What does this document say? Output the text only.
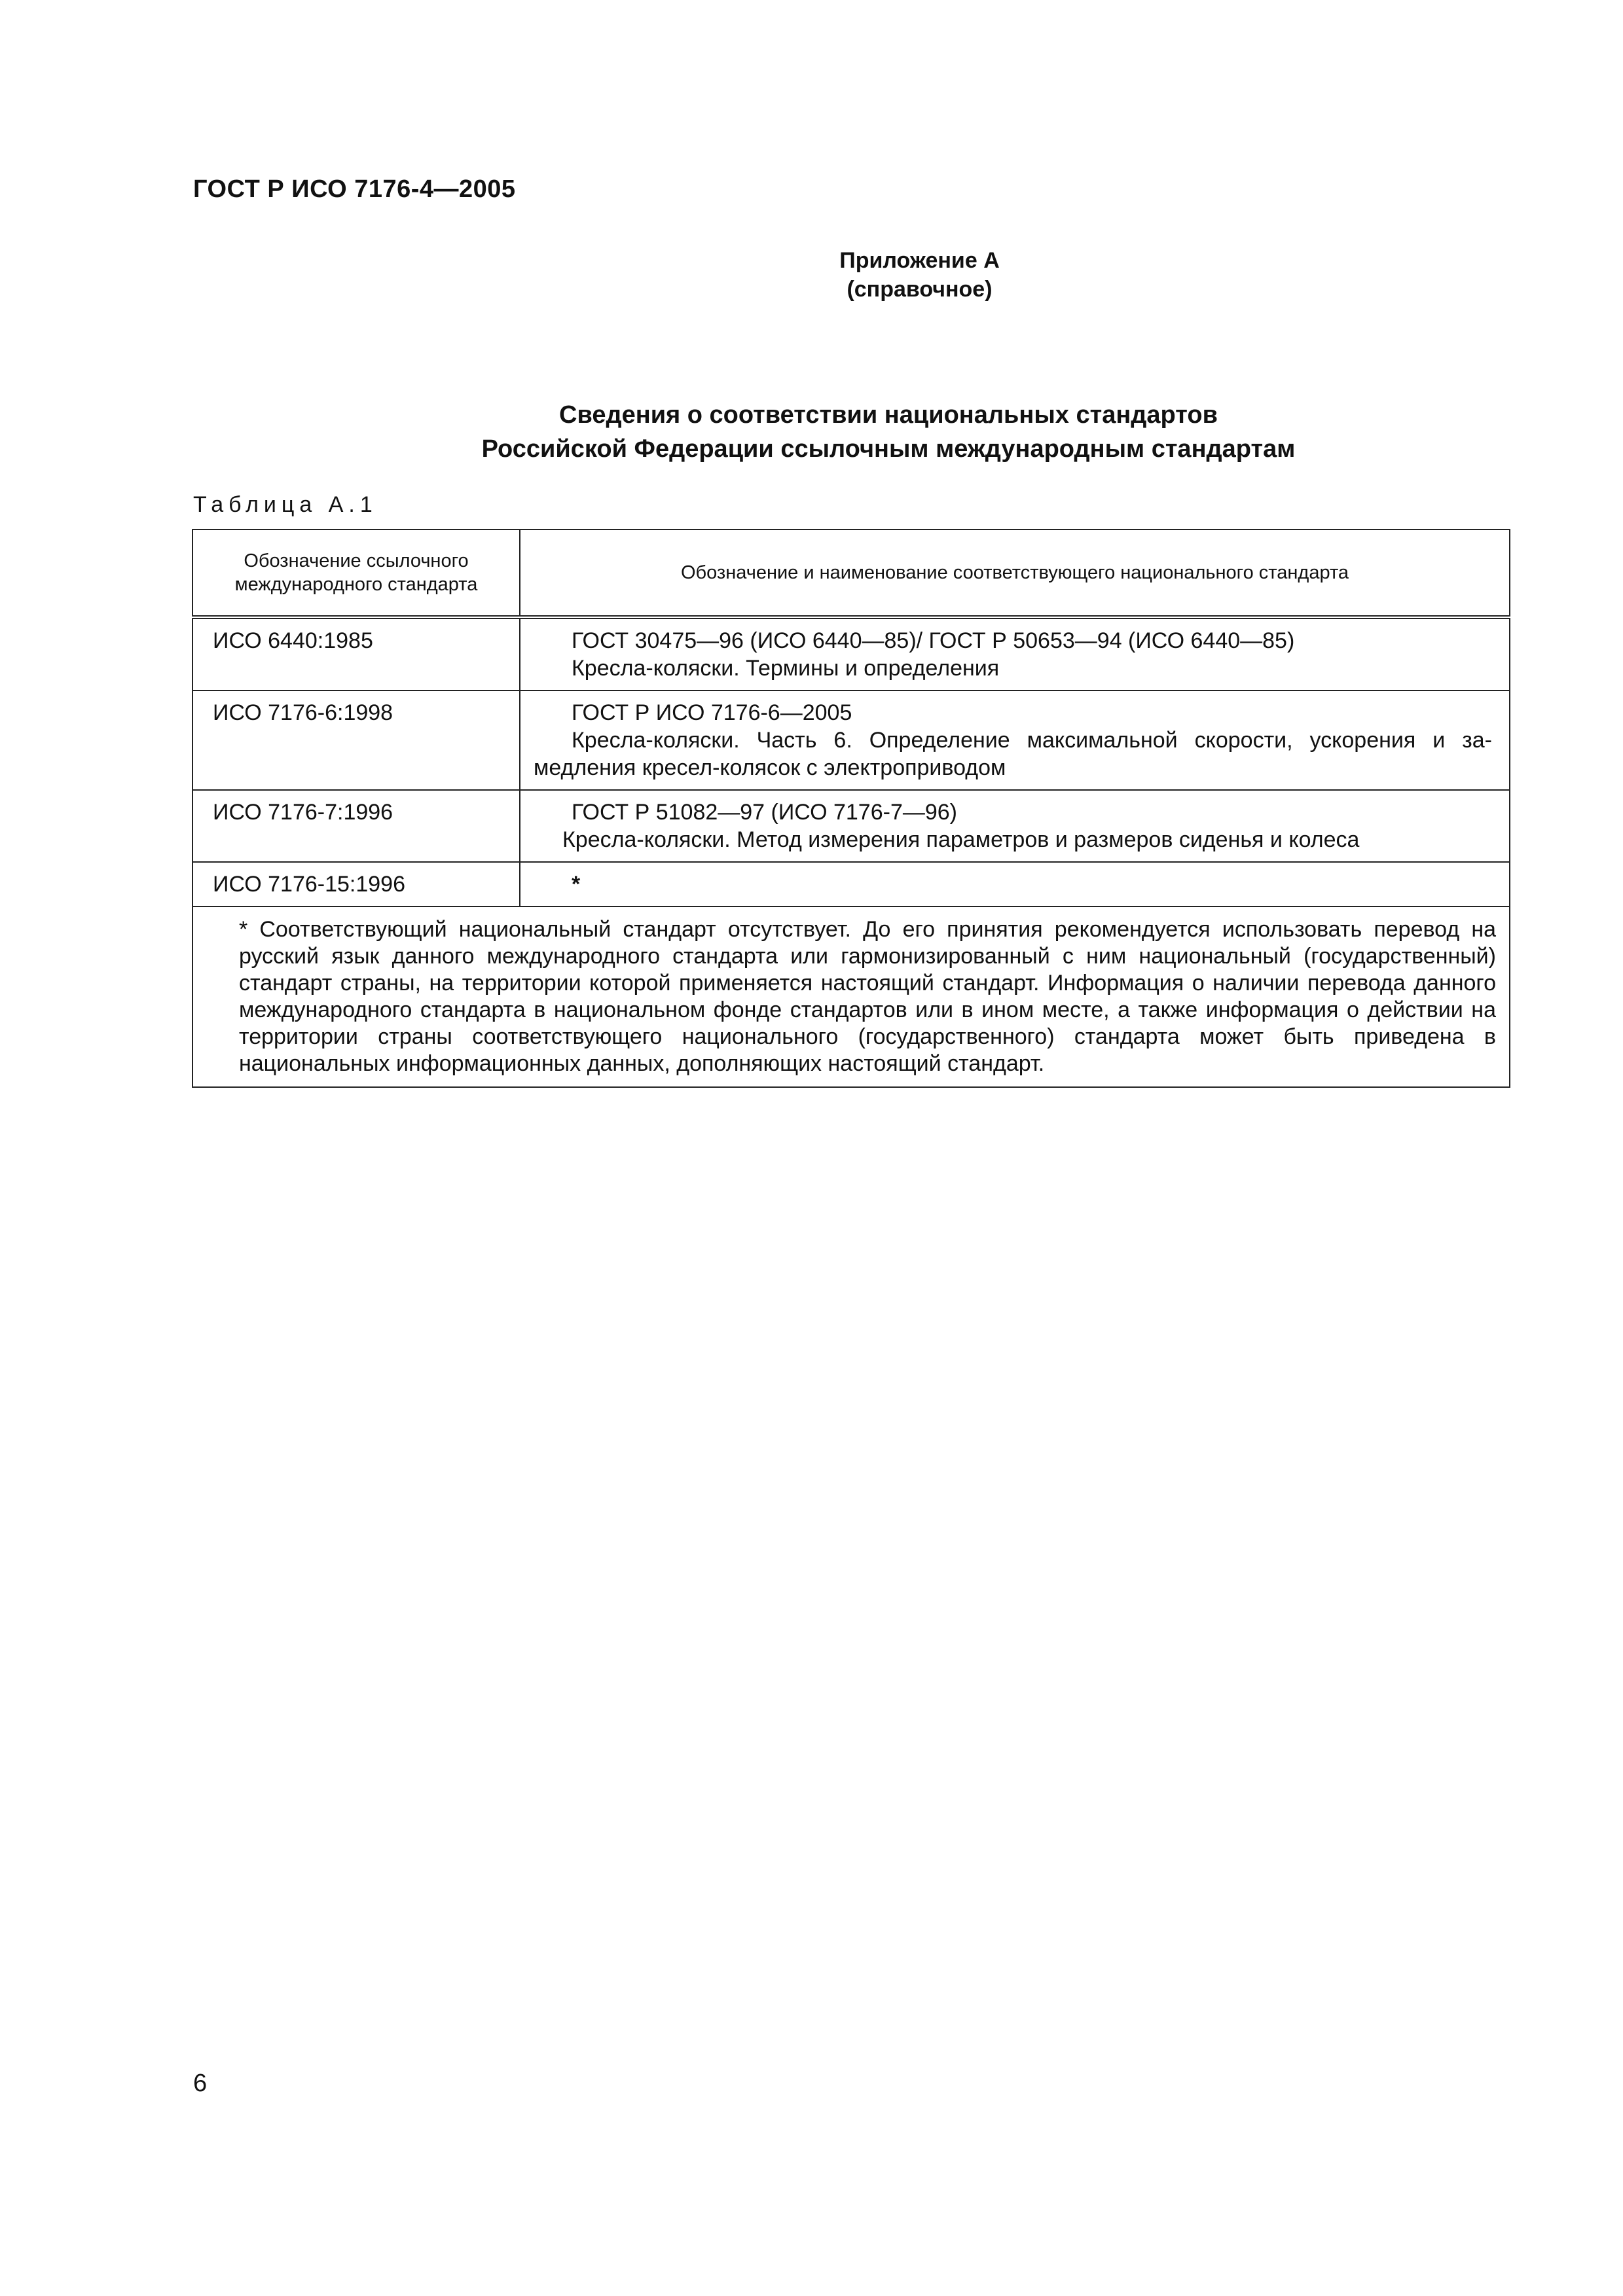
ГОСТ Р ИСО 7176-4—2005
Приложение А
(справочное)
Сведения о соответствии национальных стандартов
Российской Федерации ссылочным международным стандартам
Таблица А.1
Обозначение ссылочного международного стандарта	Обозначение и наименование соответствующего национального стандарта
ИСО 6440:1985	ГОСТ 30475—96 (ИСО 6440—85)/ ГОСТ Р 50653—94 (ИСО 6440—85)
Кресла-коляски. Термины и определения

ИСО 7176-6:1998	ГОСТ Р ИСО 7176-6—2005
Кресла-коляски. Часть 6. Определение максимальной скорости, ускорения и за-
медления кресел-колясок с электроприводом

ИСО 7176-7:1996	ГОСТ Р 51082—97 (ИСО 7176-7—96)
Кресла-коляски. Метод измерения параметров и размеров сиденья и колеса

ИСО 7176-15:1996	*

* Соответствующий национальный стандарт отсутствует. До его принятия рекомендуется использовать перевод на русский язык данного международного стандарта или гармонизированный с ним национальный (государственный) стандарт страны, на территории которой применяется настоящий стандарт. Информация о наличии перевода данного международного стандарта в национальном фонде стандартов или в ином месте, а также информация о действии на территории страны соответствующего национального (государственного) стандарта может быть приведена в национальных информационных данных, дополняющих настоящий стандарт.	
6
